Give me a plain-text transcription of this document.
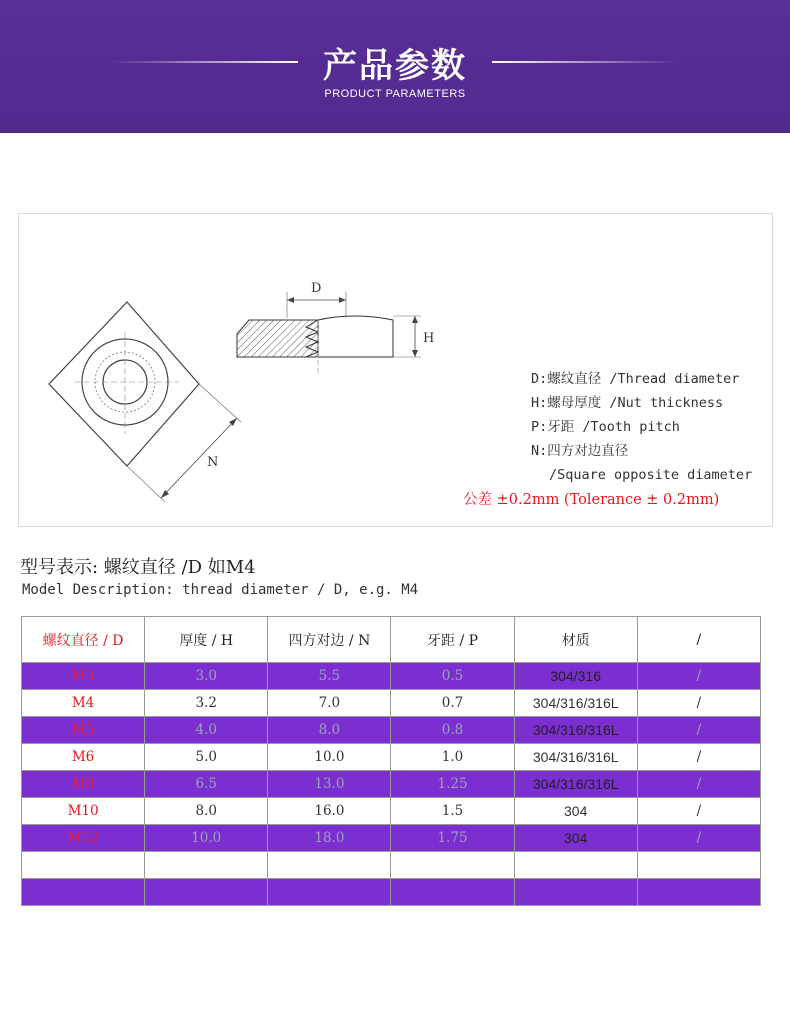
产品参数
PRODUCT PARAMETERS
N
D
H
D:螺纹直径 /Thread diameter
H:螺母厚度 /Nut thickness
P:牙距 /Tooth pitch
N:四方对边直径
/Square opposite diameter
公差 ±0.2mm (Tolerance ± 0.2mm)
型号表示: 螺纹直径 /D 如M4
Model Description: thread diameter / D, e.g. M4
螺纹直径 / D	厚度 / H	四方对边 / N	牙距 / P	材质	/
M3	3.0	5.5	0.5	304/316	/
M4	3.2	7.0	0.7	304/316/316L	/
M5	4.0	8.0	0.8	304/316/316L	/
M6	5.0	10.0	1.0	304/316/316L	/
M8	6.5	13.0	1.25	304/316/316L	/
M10	8.0	16.0	1.5	304	/
M12	10.0	18.0	1.75	304	/
